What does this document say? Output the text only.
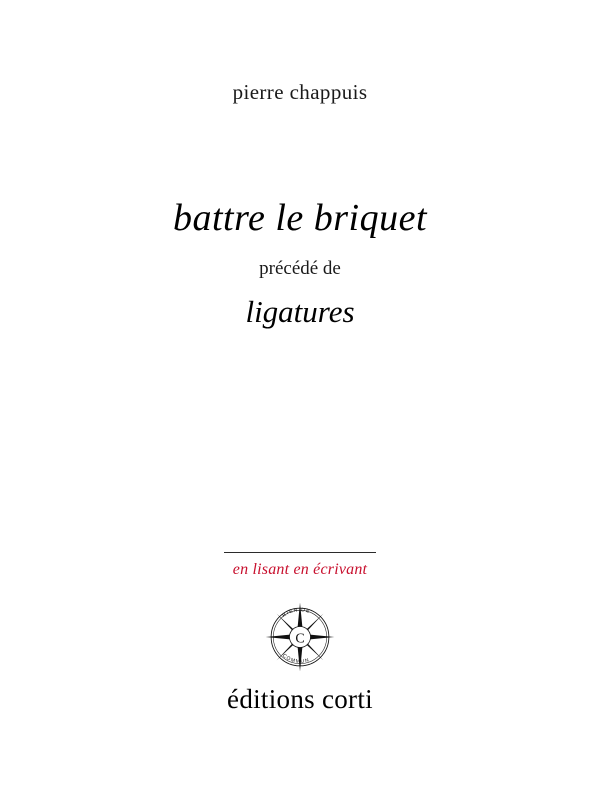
pierre chappuis
battre le briquet
précédé de
ligatures
en lisant en écrivant
C
RIEN DE
COMMUN
éditions corti
